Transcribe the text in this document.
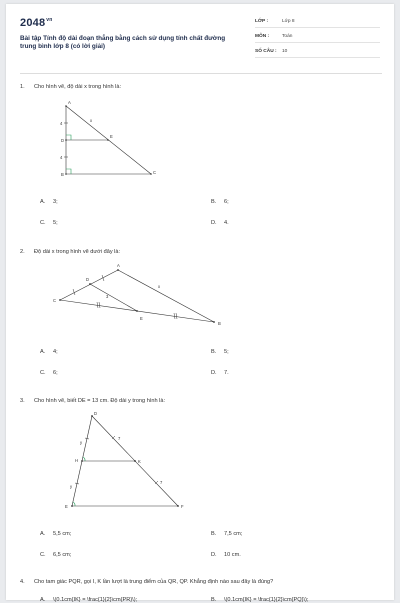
$2048^{vn}$
Bài tập Tính độ dài đoạn thẳng bằng cách sử dụng tính chất đường trung bình lớp 8 (có lời giải)
LỚP :	Lớp 8
MÔN :	Toán
SỐ CÂU : 10
1. Cho hình vẽ, độ dài x trong hình là:
A
D
B
E
C
x
4
4
A. 3;	B. 6;
C. 5;	D. 4.
2. Độ dài x trong hình vẽ dưới đây là:
A
D
C
E
B
x
3
A. 4;	B. 5;
C. 6;	D. 7.
3. Cho hình vẽ, biết DE = 13 cm. Độ dài y trong hình là:
D
H	K
E	F
y
y
7
7
A. 5,5 cm;	B. 7,5 cm;
C. 6,5 cm;	D. 10 cm.
4. Cho tam giác PQR, gọi I, K lần lượt là trung điểm của QR, QP. Khẳng định nào sau đây là đúng?
A. \(0.1cm{IK} = \frac{1}{2}\cm{PR}\);	B. \(0.1cm{IK} = \frac{1}{2}\cm{PQ}\);
